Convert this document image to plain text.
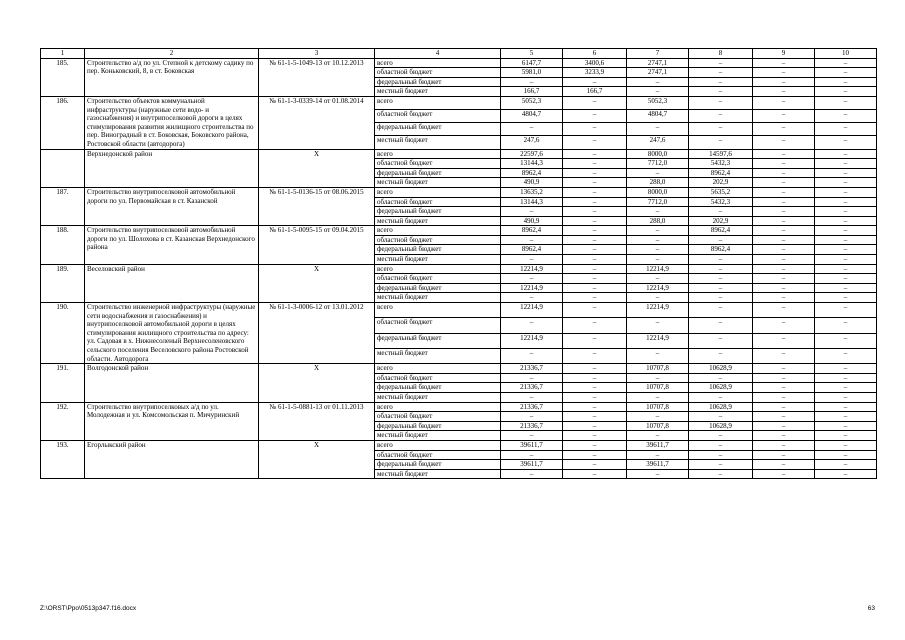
1	2	3	4	5	6	7	8	9	10
185.	Строительство а/д по ул. Степной к детскому садику по пер. Коньковский, 8, в ст. Боковская	№ 61-1-5-1049-13 от 10.12.2013	всего	6147,7	3400,6	2747,1	–	–	–
			областной бюджет	5981,0	3233,9	2747,1	–	–	–
			федеральный бюджет	–	–	–	–	–	–
			местный бюджет	166,7	166,7	–	–	–	–
186.	Строительство объектов коммунальной инфраструктуры (наружные сети водо- и газоснабжения) и внутрипоселковой дороги в целях стимулирования развития жилищного строительства по пер. Виноградный в ст. Боковская, Боковского района, Ростовской области (автодорога)	№ 61-1-3-0339-14 от 01.08.2014	всего	5052,3	–	5052,3	–	–	–
			областной бюджет	4804,7	–	4804,7	–	–	–
			федеральный бюджет	–	–	–	–	–	–
			местный бюджет	247,6	–	247,6	–	–	–
	Верхнедонской район	Х	всего	22597,6	–	8000,0	14597,6	–	–
			областной бюджет	13144,3	–	7712,0	5432,3	–	–
			федеральный бюджет	8962,4	–	–	8962,4	–	–
			местный бюджет	490,9	–	288,0	202,9	–	–
187.	Строительство внутрипоселковой автомобильной дороги по ул. Первомайская в ст. Казанской	№ 61-1-5-0136-15 от 08.06.2015	всего	13635,2	–	8000,0	5635,2	–	–
			областной бюджет	13144,3	–	7712,0	5432,3	–	–
			федеральный бюджет	–	–	–	–	–	–
			местный бюджет	490,9	–	288,0	202,9	–	–
188.	Строительство внутрипоселковой автомобильной дороги по ул. Шолохова в ст. Казанская Верхнедонского района	№ 61-1-5-0095-15 от 09.04.2015	всего	8962,4	–	–	8962,4	–	–
			областной бюджет	–	–	–	–	–	–
			федеральный бюджет	8962,4	–	–	8962,4	–	–
			местный бюджет	–	–	–	–	–	–
189.	Веселовский район	Х	всего	12214,9	–	12214,9	–	–	–
			областной бюджет	–	–	–	–	–	–
			федеральный бюджет	12214,9	–	12214,9	–	–	–
			местный бюджет	–	–	–	–	–	–
190.	Строительство инженерной инфраструктуры (наружные сети водоснабжения и газоснабжения) и внутрипоселковой автомобильной дороги в целях стимулирования жилищного строительства по адресу: ул. Садовая в х. Нижнесоленый Верхнесоленовского сельского поселения Веселовского района Ростовской области. Автодорога	№ 61-1-3-0006-12 от 13.01.2012	всего	12214,9	–	12214,9	–	–	–
			областной бюджет	–	–	–	–	–	–
			федеральный бюджет	12214,9	–	12214,9	–	–	–
			местный бюджет	–	–	–	–	–	–
191.	Волгодонской район	Х	всего	21336,7	–	10707,8	10628,9	–	–
			областной бюджет	–	–	–	–	–	–
			федеральный бюджет	21336,7	–	10707,8	10628,9	–	–
			местный бюджет	–	–	–	–	–	–
192.	Строительство внутрипоселковых а/д по ул. Молодежная и ул. Комсомольская п. Мичуринский	№ 61-1-5-0881-13 от 01.11.2013	всего	21336,7	–	10707,8	10628,9	–	–
			областной бюджет	–	–	–	–	–	–
			федеральный бюджет	21336,7	–	10707,8	10628,9	–	–
			местный бюджет	–	–	–	–	–	–
193.	Егорлыкский район	Х	всего	39611,7	–	39611,7	–	–	–
			областной бюджет	–	–	–	–	–	–
			федеральный бюджет	39611,7	–	39611,7	–	–	–
			местный бюджет	–	–	–	–	–	–
Z:\ORST\Ppo\0513p347.f16.docx	63
